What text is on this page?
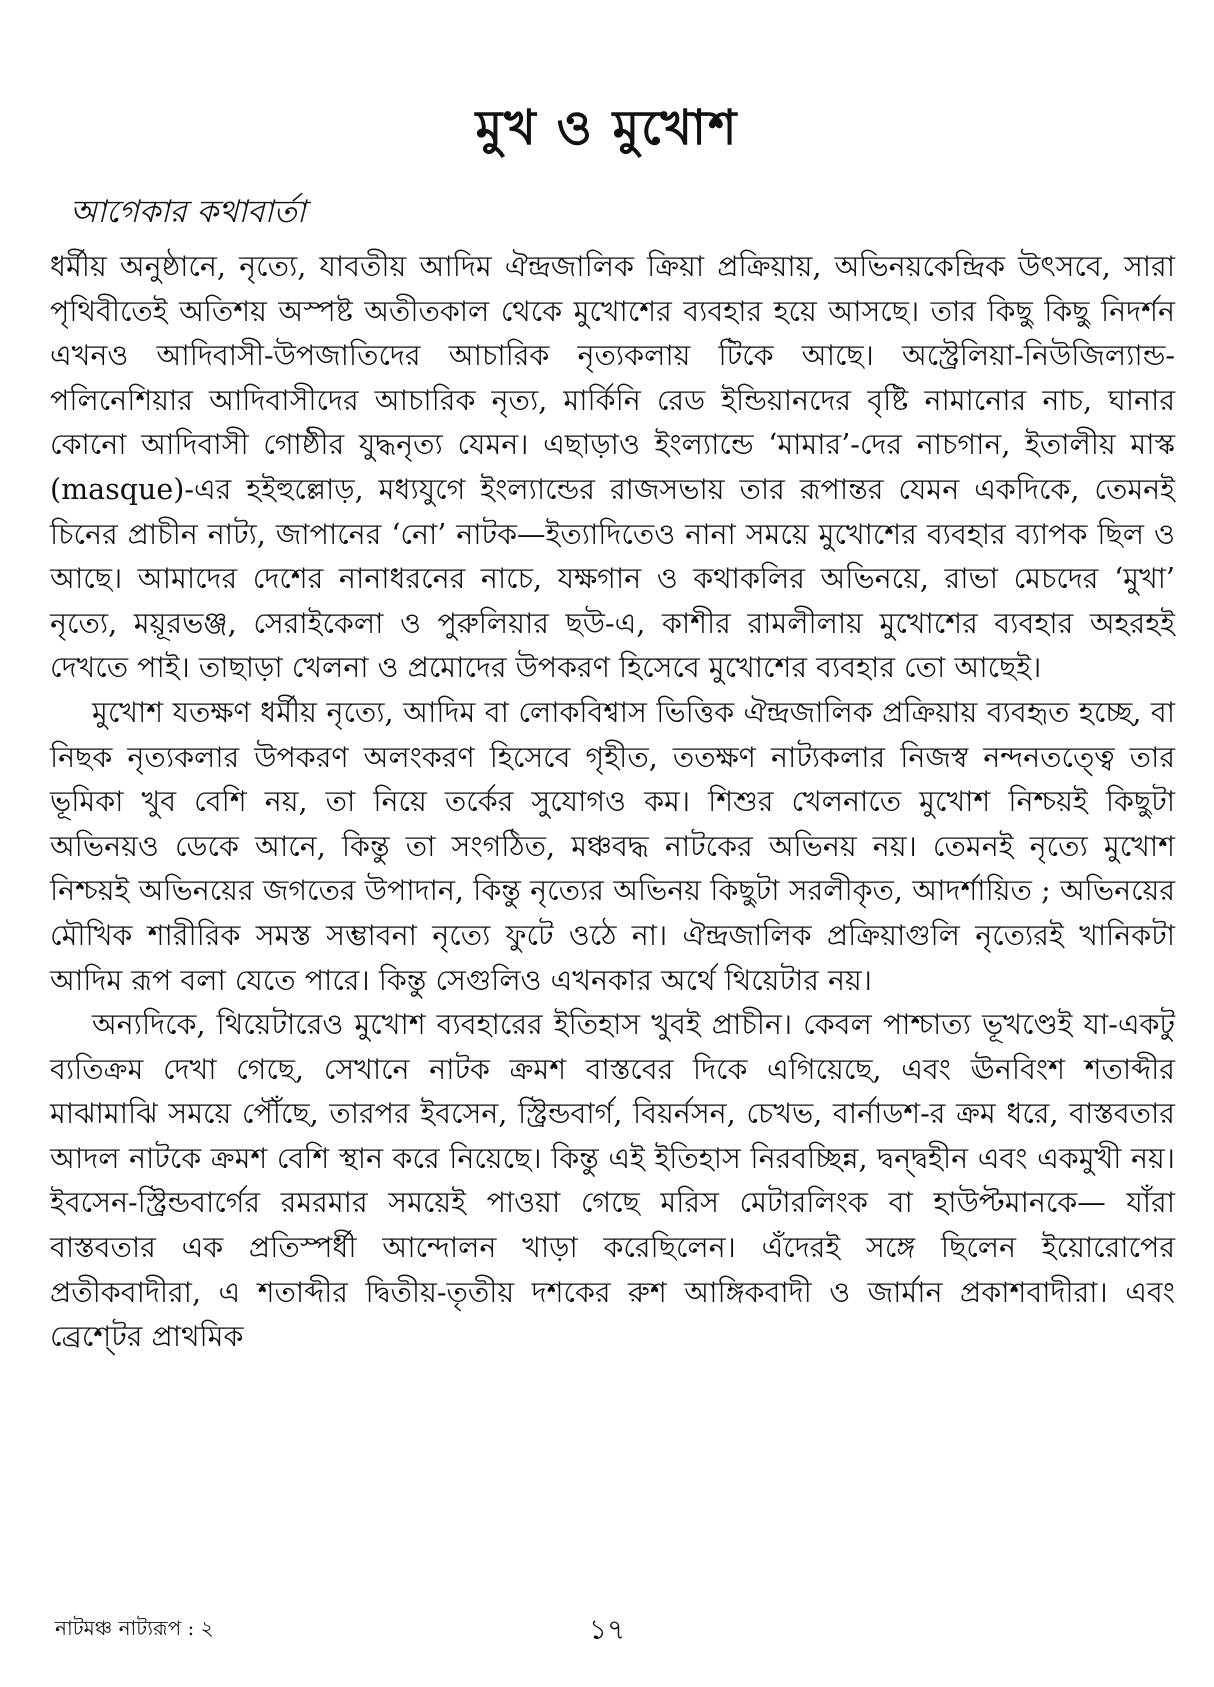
মুখ ও মুখোশ
আগেকার কথাবার্তা

ধর্মীয় অনুষ্ঠানে, নৃত্যে, যাবতীয় আদিম ঐন্দ্রজালিক ক্রিয়া প্রক্রিয়ায়, অভিনয়কেন্দ্রিক উৎসবে, সারা পৃথিবীতেই অতিশয় অস্পষ্ট অতীতকাল থেকে মুখোশের ব্যবহার হয়ে আসছে। তার কিছু কিছু নিদর্শন এখনও আদিবাসী-উপজাতিদের আচারিক নৃত্যকলায় টিকে আছে। অস্ট্রেলিয়া-নিউজিল্যান্ড-পলিনেশিয়ার আদিবাসীদের আচারিক নৃত্য, মার্কিনি রেড ইন্ডিয়ানদের বৃষ্টি নামানোর নাচ, ঘানার কোনো আদিবাসী গোষ্ঠীর যুদ্ধনৃত্য যেমন। এছাড়াও ইংল্যান্ডে ‘মামার’-দের নাচগান, ইতালীয় মাস্ক (masque)-এর হইহুল্লোড়, মধ্যযুগে ইংল্যান্ডের রাজসভায় তার রূপান্তর যেমন একদিকে, তেমনই চিনের প্রাচীন নাট্য, জাপানের ‘নো’ নাটক—ইত্যাদিতেও নানা সময়ে মুখোশের ব্যবহার ব্যাপক ছিল ও আছে। আমাদের দেশের নানাধরনের নাচে, যক্ষগান ও কথাকলির অভিনয়ে, রাভা মেচদের ‘মুখা’ নৃত্যে, ময়ূরভঞ্জ, সেরাইকেলা ও পুরুলিয়ার ছউ-এ, কাশীর রামলীলায় মুখোশের ব্যবহার অহরহই দেখতে পাই। তাছাড়া খেলনা ও প্রমোদের উপকরণ হিসেবে মুখোশের ব্যবহার তো আছেই।

মুখোশ যতক্ষণ ধর্মীয় নৃত্যে, আদিম বা লোকবিশ্বাস ভিত্তিক ঐন্দ্রজালিক প্রক্রিয়ায় ব্যবহৃত হচ্ছে, বা নিছক নৃত্যকলার উপকরণ অলংকরণ হিসেবে গৃহীত, ততক্ষণ নাট্যকলার নিজস্ব নন্দনতত্ত্বে তার ভূমিকা খুব বেশি নয়, তা নিয়ে তর্কের সুযোগও কম। শিশুর খেলনাতে মুখোশ নিশ্চয়ই কিছুটা অভিনয়ও ডেকে আনে, কিন্তু তা সংগঠিত, মঞ্চবদ্ধ নাটকের অভিনয় নয়। তেমনই নৃত্যে মুখোশ নিশ্চয়ই অভিনয়ের জগতের উপাদান, কিন্তু নৃত্যের অভিনয় কিছুটা সরলীকৃত, আদর্শায়িত ; অভিনয়ের মৌখিক শারীরিক সমস্ত সম্ভাবনা নৃত্যে ফুটে ওঠে না। ঐন্দ্রজালিক প্রক্রিয়াগুলি নৃত্যেরই খানিকটা আদিম রূপ বলা যেতে পারে। কিন্তু সেগুলিও এখনকার অর্থে থিয়েটার নয়।

অন্যদিকে, থিয়েটারেও মুখোশ ব্যবহারের ইতিহাস খুবই প্রাচীন। কেবল পাশ্চাত্য ভূখণ্ডেই যা-একটু ব্যতিক্রম দেখা গেছে, সেখানে নাটক ক্রমশ বাস্তবের দিকে এগিয়েছে, এবং ঊনবিংশ শতাব্দীর মাঝামাঝি সময়ে পৌঁছে, তারপর ইবসেন, স্ট্রিন্ডবার্গ, বিয়র্নসন, চেখভ, বার্নাডশ-র ক্রম ধরে, বাস্তবতার আদল নাটকে ক্রমশ বেশি স্থান করে নিয়েছে। কিন্তু এই ইতিহাস নিরবচ্ছিন্ন, দ্বন্দ্বহীন এবং একমুখী নয়। ইবসেন-স্ট্রিন্ডবার্গের রমরমার সময়েই পাওয়া গেছে মরিস মেটারলিংক বা হাউপ্টমানকে— যাঁরা বাস্তবতার এক প্রতিস্পর্ধী আন্দোলন খাড়া করেছিলেন। এঁদেরই সঙ্গে ছিলেন ইয়োরোপের প্রতীকবাদীরা, এ শতাব্দীর দ্বিতীয়-তৃতীয় দশকের রুশ আঙ্গিকবাদী ও জার্মান প্রকাশবাদীরা। এবং ব্রেশ্টের প্রাথমিক

নাটমঞ্চ নাট্যরূপ : ২	১৭
